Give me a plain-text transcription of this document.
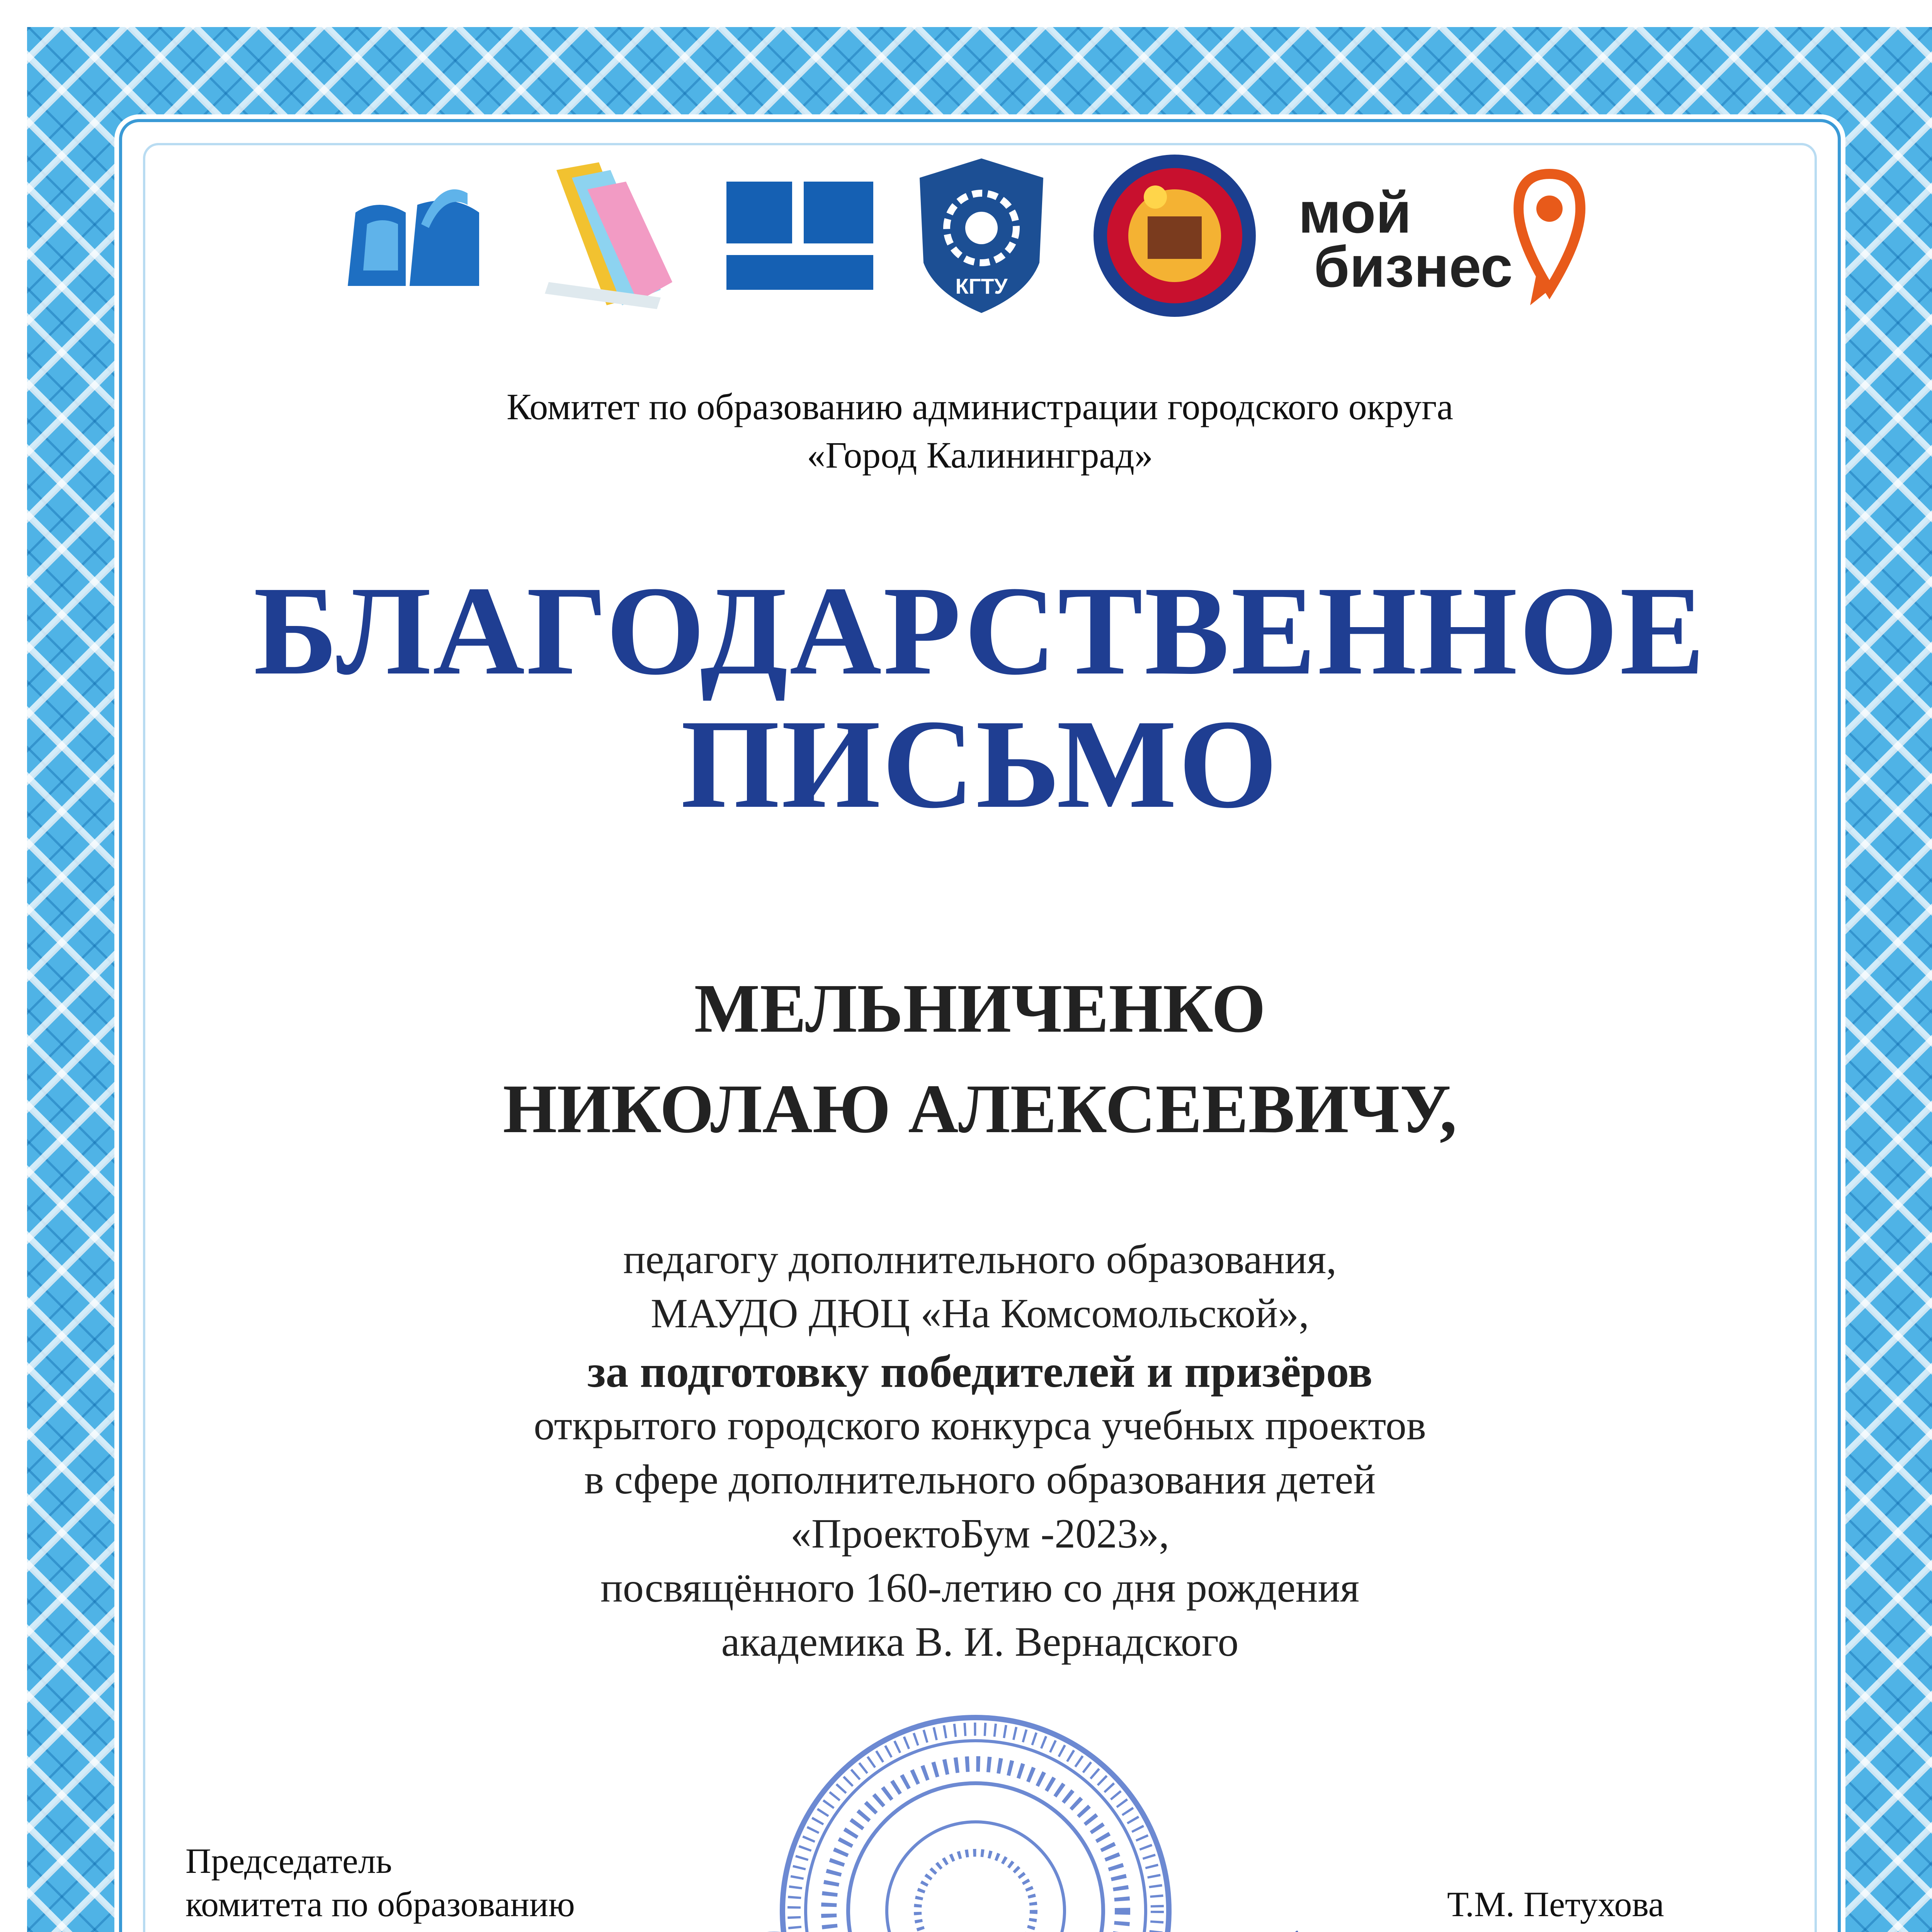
КГТУ
мой
бизнес
Комитет по образованию администрации городского округа
«Город Калининград»
БЛАГОДАРСТВЕННОЕ
ПИСЬМО
МЕЛЬНИЧЕНКО
НИКОЛАЮ АЛЕКСЕЕВИЧУ,
педагогу дополнительного образования,
МАУДО ДЮЦ «На Комсомольской»,
за подготовку победителей и призёров
открытого городского конкурса учебных проектов
в сфере дополнительного образования детей
«ПроектоБум -2023»,
посвящённого 160-летию со дня рождения
академика В. И. Вернадского
Председатель
комитета по образованию	Т.М. Петухова
